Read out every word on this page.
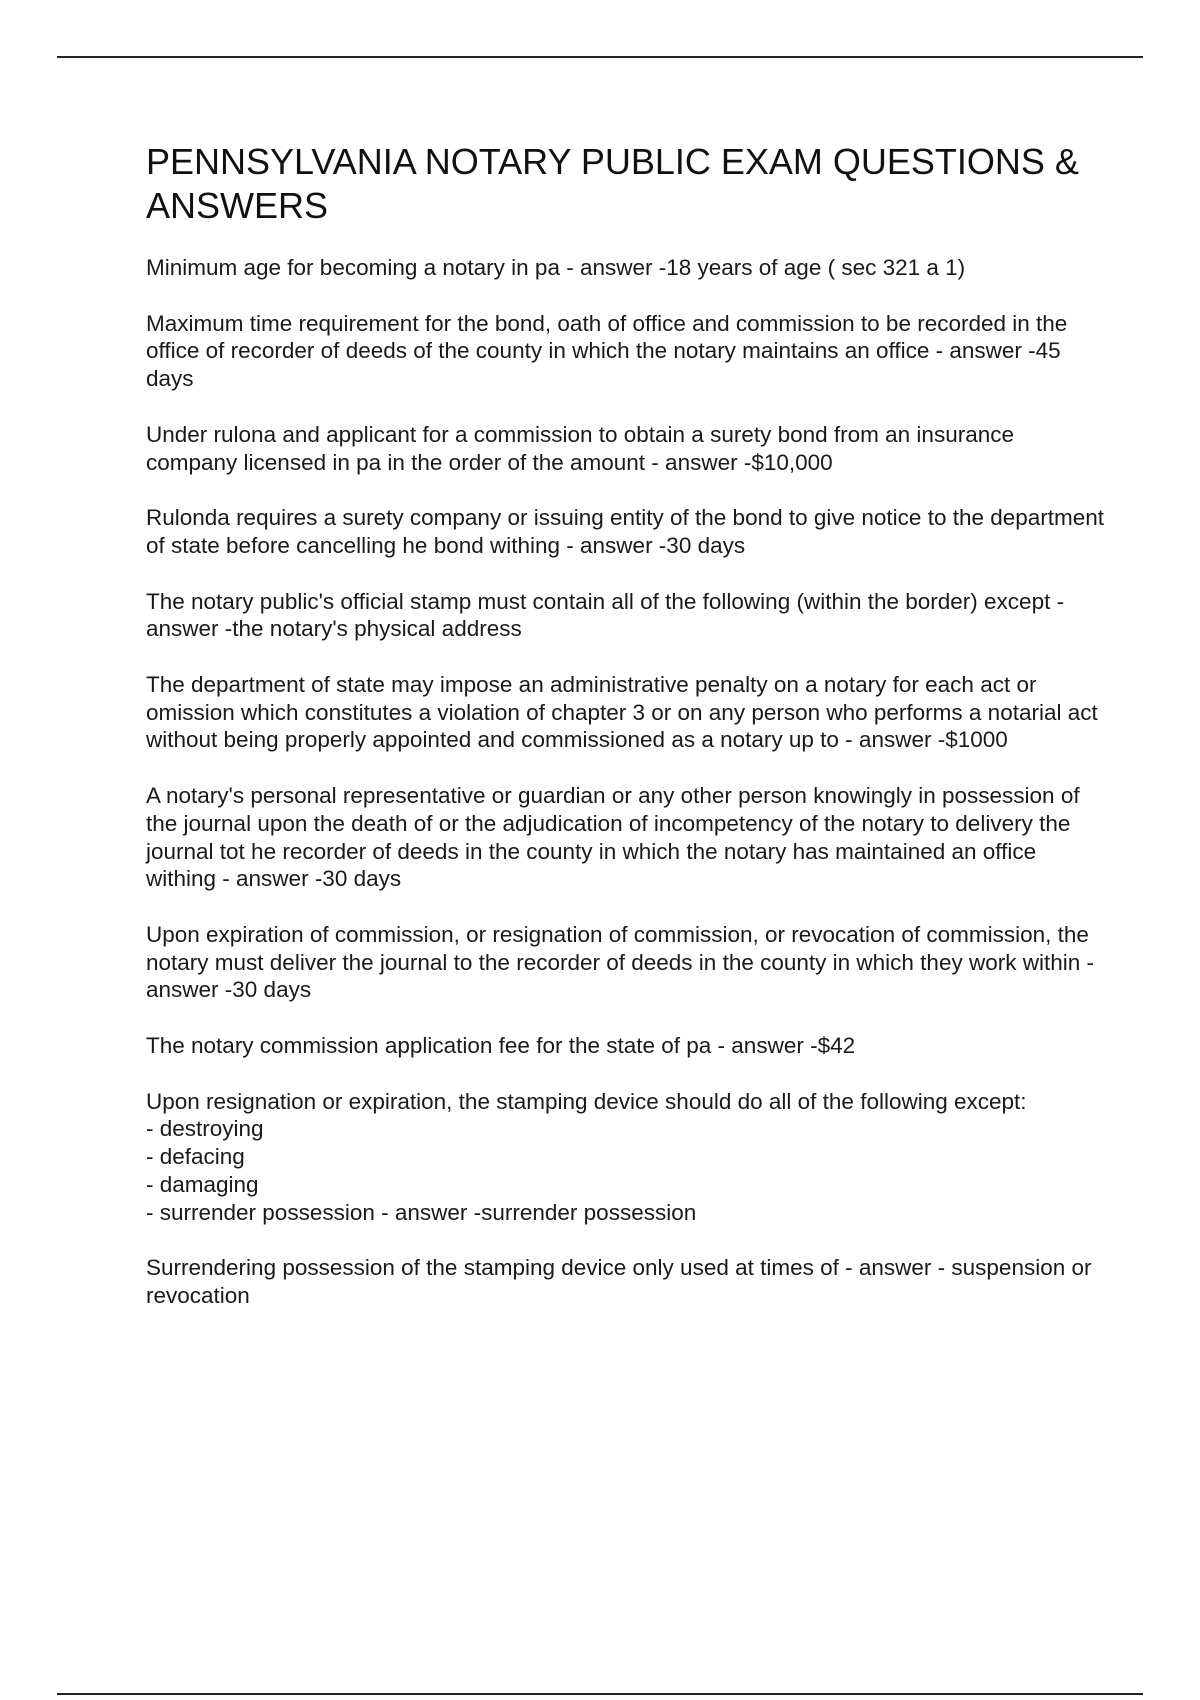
PENNSYLVANIA NOTARY PUBLIC EXAM QUESTIONS & ANSWERS

Minimum age for becoming a notary in pa - answer -18 years of age ( sec 321 a 1)

Maximum time requirement for the bond, oath of office and commission to be recorded in the office of recorder of deeds of the county in which the notary maintains an office - answer -45 days

Under rulona and applicant for a commission to obtain a surety bond from an insurance company licensed in pa in the order of the amount - answer -$10,000

Rulonda requires a surety company or issuing entity of the bond to give notice to the department of state before cancelling he bond withing - answer -30 days

The notary public's official stamp must contain all of the following (within the border) except - answer -the notary's physical address

The department of state may impose an administrative penalty on a notary for each act or omission which constitutes a violation of chapter 3 or on any person who performs a notarial act without being properly appointed and commissioned as a notary up to - answer -$1000

A notary's personal representative or guardian or any other person knowingly in possession of the journal upon the death of or the adjudication of incompetency of the notary to delivery the journal tot he recorder of deeds in the county in which the notary has maintained an office withing - answer -30 days

Upon expiration of commission, or resignation of commission, or revocation of commission, the notary must deliver the journal to the recorder of deeds in the county in which they work within - answer -30 days

The notary commission application fee for the state of pa - answer -$42

Upon resignation or expiration, the stamping device should do all of the following except:
- destroying
- defacing
- damaging
- surrender possession - answer -surrender possession

Surrendering possession of the stamping device only used at times of - answer - suspension or revocation
